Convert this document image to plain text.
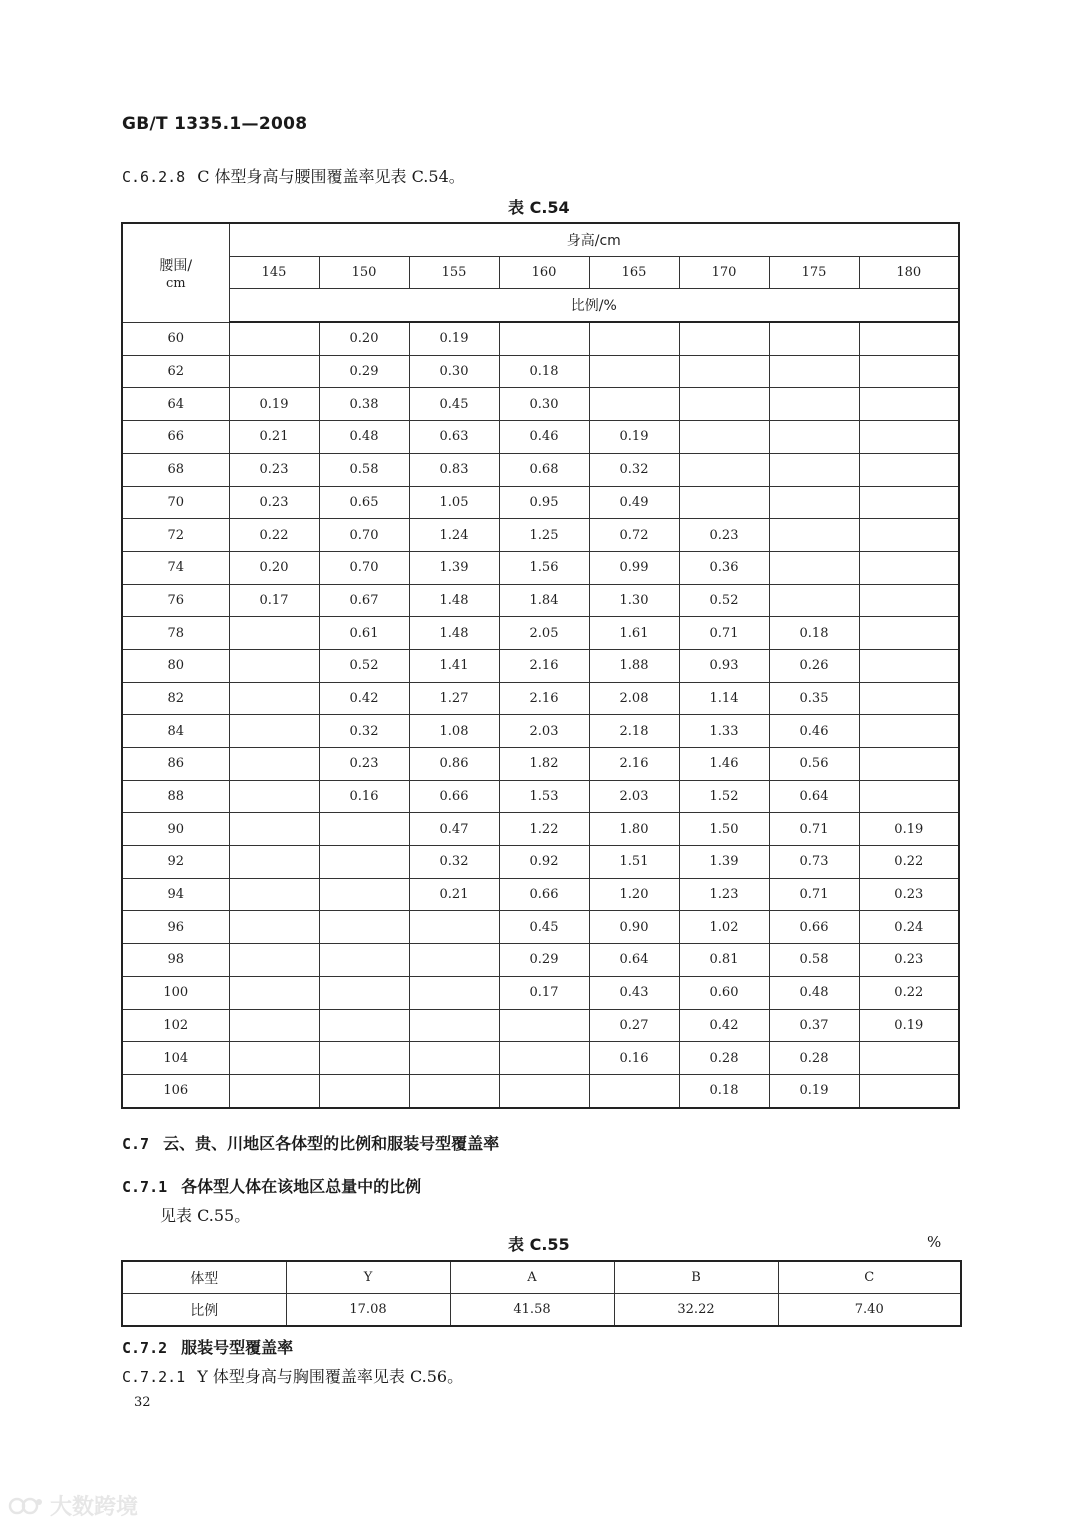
GB/T 1335.1—2008
C.6.2.8 C 体型身高与腰围覆盖率见表 C.54。
表 C.54
腰围/
cm	身高/cm							
	145	150	155	160	165	170	175	180
	比例/%							
60		0.20	0.19					
62		0.29	0.30	0.18				
64	0.19	0.38	0.45	0.30				
66	0.21	0.48	0.63	0.46	0.19			
68	0.23	0.58	0.83	0.68	0.32			
70	0.23	0.65	1.05	0.95	0.49			
72	0.22	0.70	1.24	1.25	0.72	0.23		
74	0.20	0.70	1.39	1.56	0.99	0.36		
76	0.17	0.67	1.48	1.84	1.30	0.52		
78		0.61	1.48	2.05	1.61	0.71	0.18	
80		0.52	1.41	2.16	1.88	0.93	0.26	
82		0.42	1.27	2.16	2.08	1.14	0.35	
84		0.32	1.08	2.03	2.18	1.33	0.46	
86		0.23	0.86	1.82	2.16	1.46	0.56	
88		0.16	0.66	1.53	2.03	1.52	0.64	
90			0.47	1.22	1.80	1.50	0.71	0.19
92			0.32	0.92	1.51	1.39	0.73	0.22
94			0.21	0.66	1.20	1.23	0.71	0.23
96				0.45	0.90	1.02	0.66	0.24
98				0.29	0.64	0.81	0.58	0.23
100				0.17	0.43	0.60	0.48	0.22
102					0.27	0.42	0.37	0.19
104					0.16	0.28	0.28	
106						0.18	0.19	
C.7 云、贵、川地区各体型的比例和服装号型覆盖率
C.7.1 各体型人体在该地区总量中的比例
见表 C.55。
表 C.55	%
体型	Y	A	B	C
比例	17.08	41.58	32.22	7.40
C.7.2 服装号型覆盖率
C.7.2.1 Y 体型身高与胸围覆盖率见表 C.56。
32
大数跨境
